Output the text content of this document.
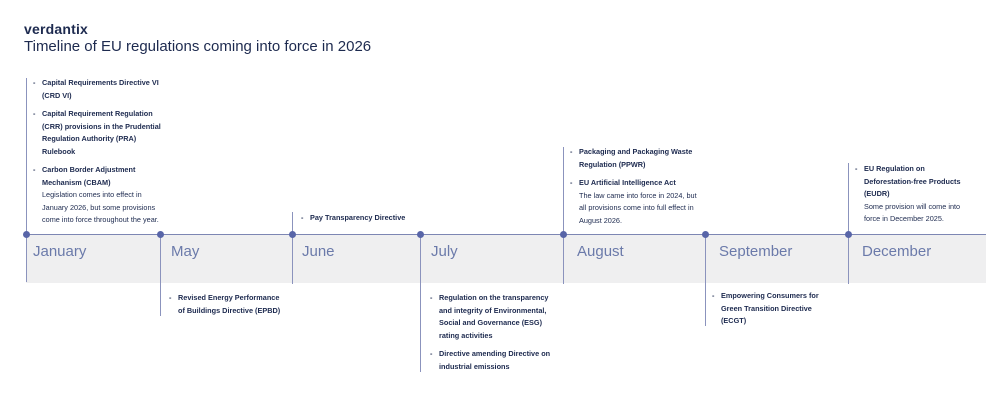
verdantix
Timeline of EU regulations coming into force in 2026
January	May	June	July	August	September	December
- Capital Requirements Directive VI (CRD VI)
- Capital Requirement Regulation (CRR) provisions in the Prudential Regulation Authority (PRA) Rulebook
- Carbon Border Adjustment Mechanism (CBAM)
Legislation comes into effect in January 2026, but some provisions come into force throughout the year.
- Revised Energy Performance of Buildings Directive (EPBD)
- Pay Transparency Directive
- Regulation on the transparency and integrity of Environmental, Social and Governance (ESG) rating activities
- Directive amending Directive on industrial emissions
- Packaging and Packaging Waste Regulation (PPWR)
- EU Artificial Intelligence Act
The law came into force in 2024, but all provisions come into full effect in August 2026.
- Empowering Consumers for Green Transition Directive (ECGT)
- EU Regulation on Deforestation-free Products (EUDR)
Some provision will come into force in December 2025.
